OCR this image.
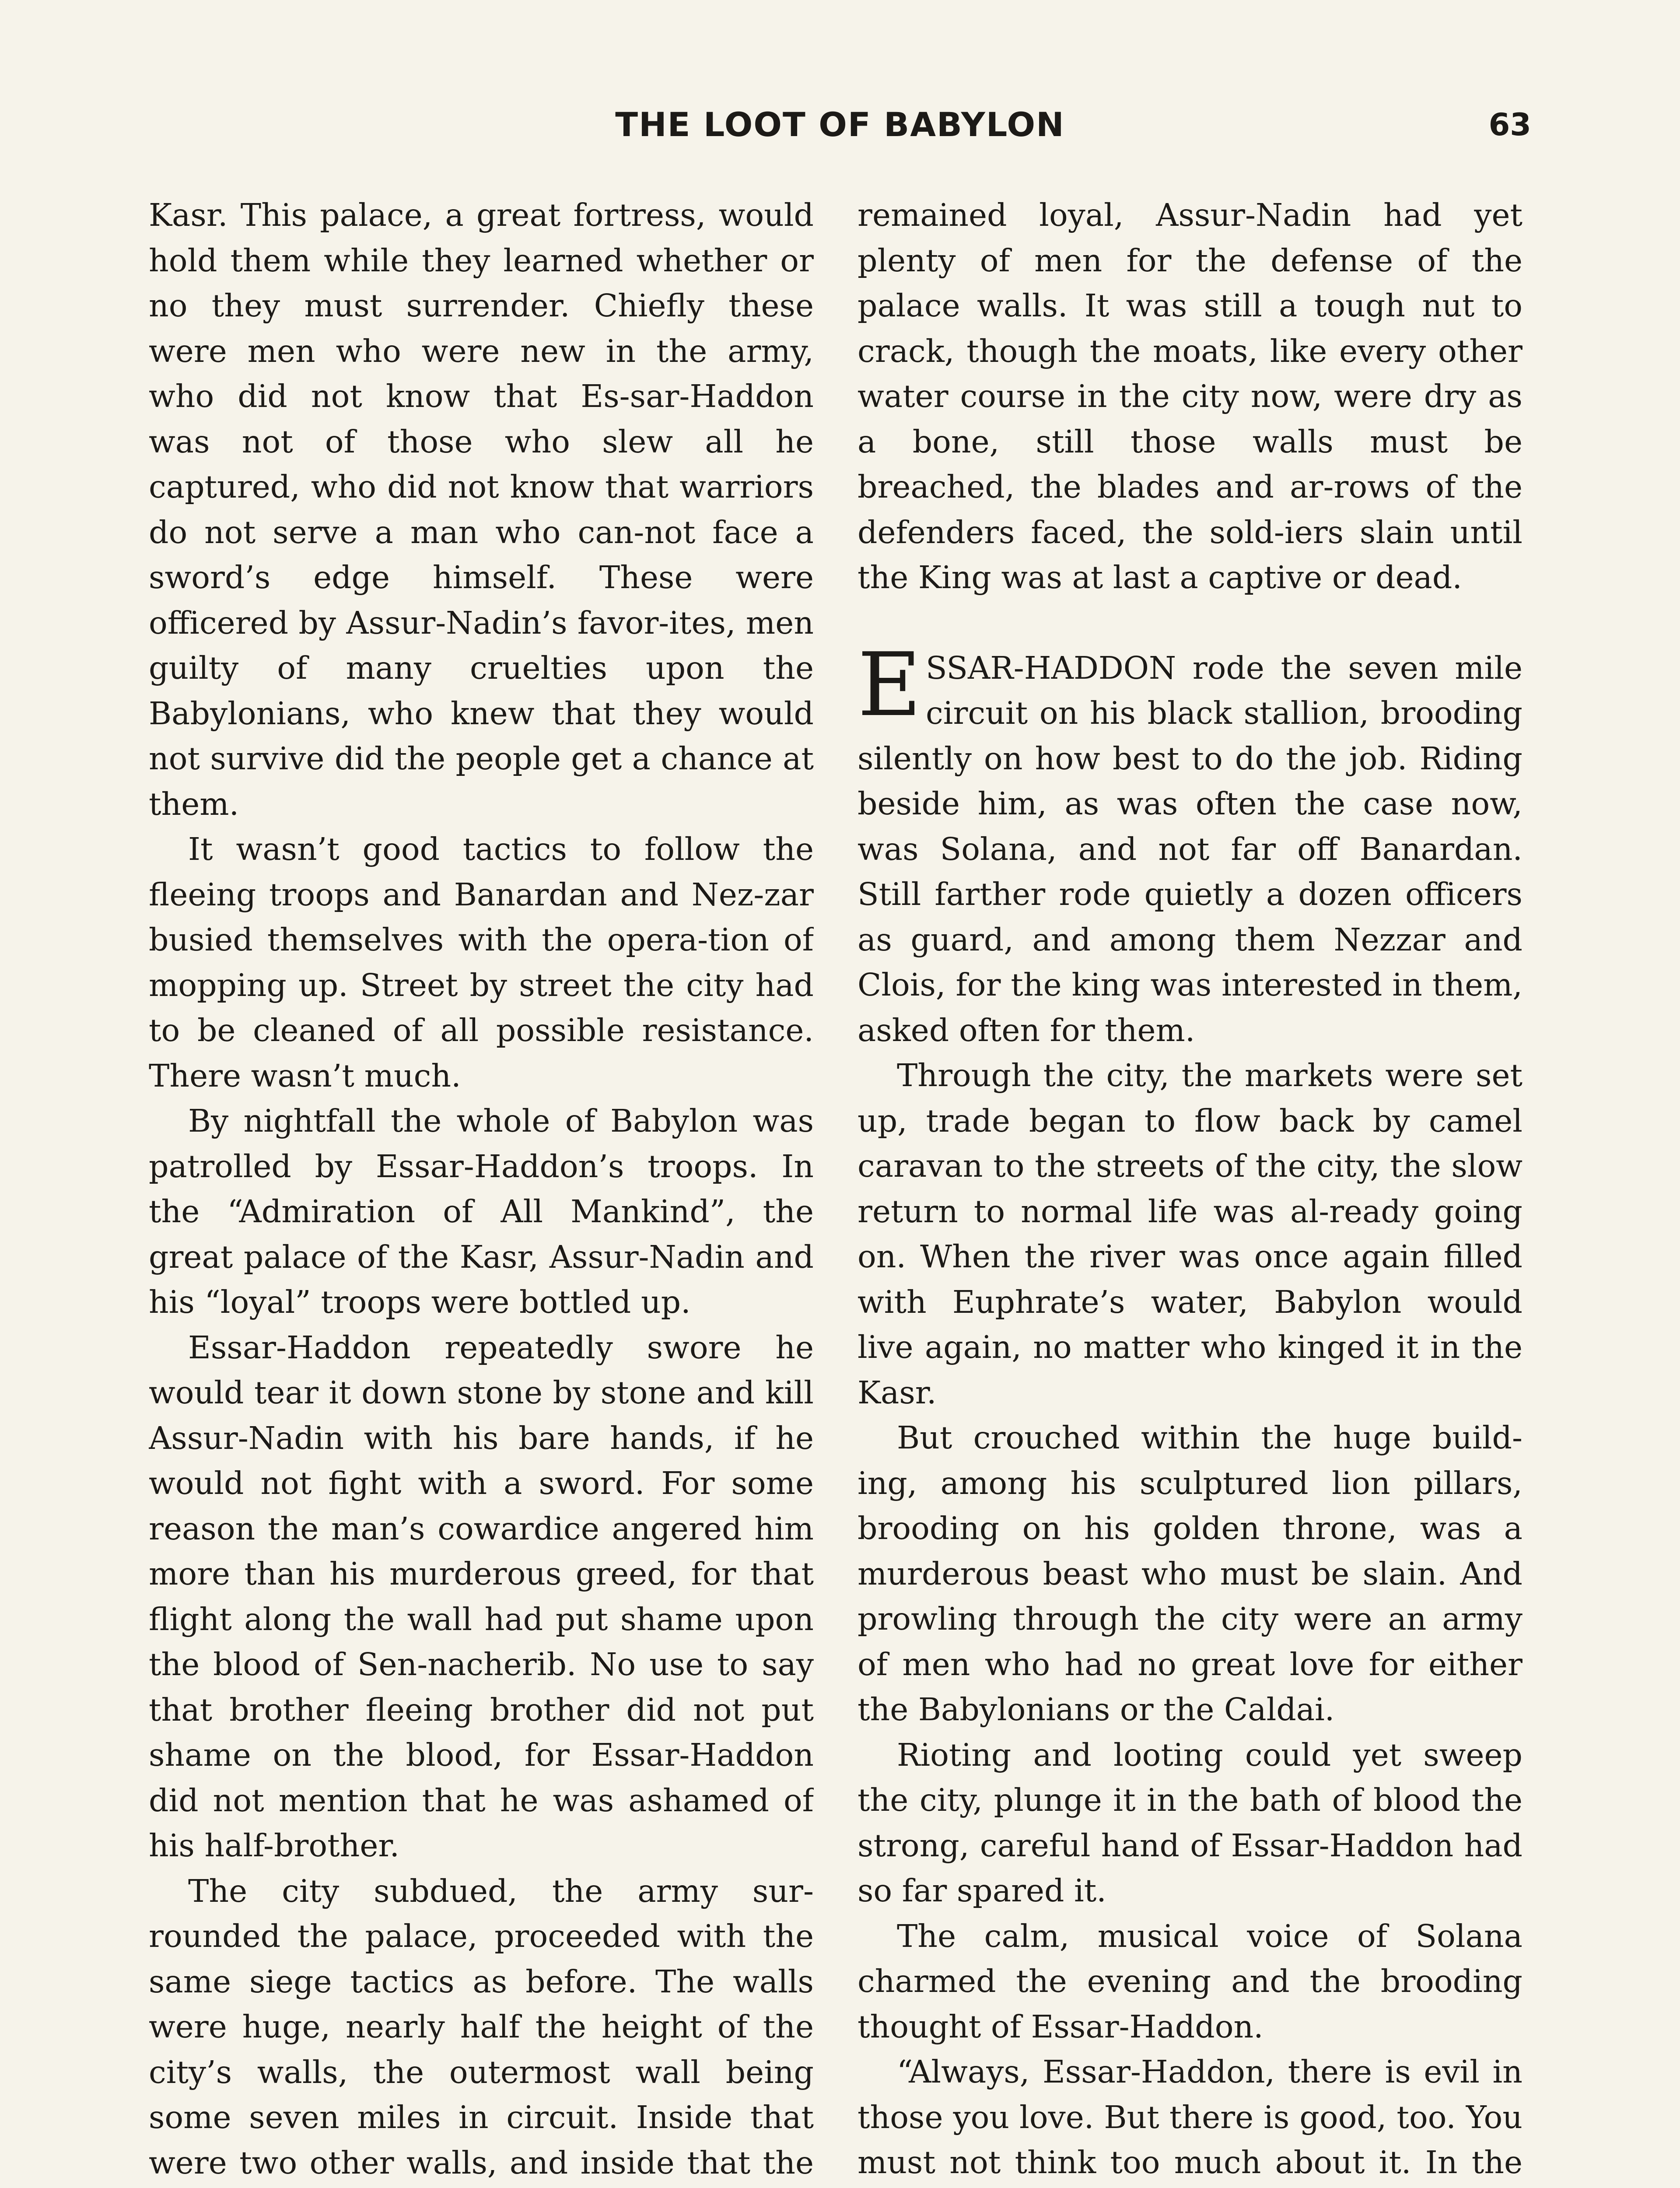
THE LOOT OF BABYLON	63

Kasr. This palace, a great fortress, would hold them while they learned whether or no they must surrender. Chiefly these were men who were new in the army, who did not know that Es-sar-Haddon was not of those who slew all he captured, who did not know that warriors do not serve a man who can-not face a sword’s edge himself. These were officered by Assur-Nadin’s favor-ites, men guilty of many cruelties upon the Babylonians, who knew that they would not survive did the people get a chance at them.

It wasn’t good tactics to follow the fleeing troops and Banardan and Nez-zar busied themselves with the opera-tion of mopping up. Street by street the city had to be cleaned of all possible resistance. There wasn’t much.

By nightfall the whole of Babylon was patrolled by Essar-Haddon’s troops. In the “Admiration of All Mankind”, the great palace of the Kasr, Assur-Nadin and his “loyal” troops were bottled up.

Essar-Haddon repeatedly swore he would tear it down stone by stone and kill Assur-Nadin with his bare hands, if he would not fight with a sword. For some reason the man’s cowardice angered him more than his murderous greed, for that flight along the wall had put shame upon the blood of Sen-nacherib. No use to say that brother fleeing brother did not put shame on the blood, for Essar-Haddon did not mention that he was ashamed of his half-brother.

The city subdued, the army sur-rounded the palace, proceeded with the same siege tactics as before. The walls were huge, nearly half the height of the city’s walls, the outermost wall being some seven miles in circuit. Inside that were two other walls, and inside that the

remained loyal, Assur-Nadin had yet plenty of men for the defense of the palace walls. It was still a tough nut to crack, though the moats, like every other water course in the city now, were dry as a bone, still those walls must be breached, the blades and ar-rows of the defenders faced, the sold-iers slain until the King was at last a captive or dead.

ESSAR-HADDON rode the seven mile circuit on his black stallion, brooding silently on how best to do the job. Riding beside him, as was often the case now, was Solana, and not far off Banardan. Still farther rode quietly a dozen officers as guard, and among them Nezzar and Clois, for the king was interested in them, asked often for them.

Through the city, the markets were set up, trade began to flow back by camel caravan to the streets of the city, the slow return to normal life was al-ready going on. When the river was once again filled with Euphrate’s water, Babylon would live again, no matter who kinged it in the Kasr.

But crouched within the huge build-ing, among his sculptured lion pillars, brooding on his golden throne, was a murderous beast who must be slain. And prowling through the city were an army of men who had no great love for either the Babylonians or the Caldai.

Rioting and looting could yet sweep the city, plunge it in the bath of blood the strong, careful hand of Essar-Haddon had so far spared it.

The calm, musical voice of Solana charmed the evening and the brooding thought of Essar-Haddon.

“Always, Essar-Haddon, there is evil in those you love. But there is good, too. You must not think too much about it. In the
